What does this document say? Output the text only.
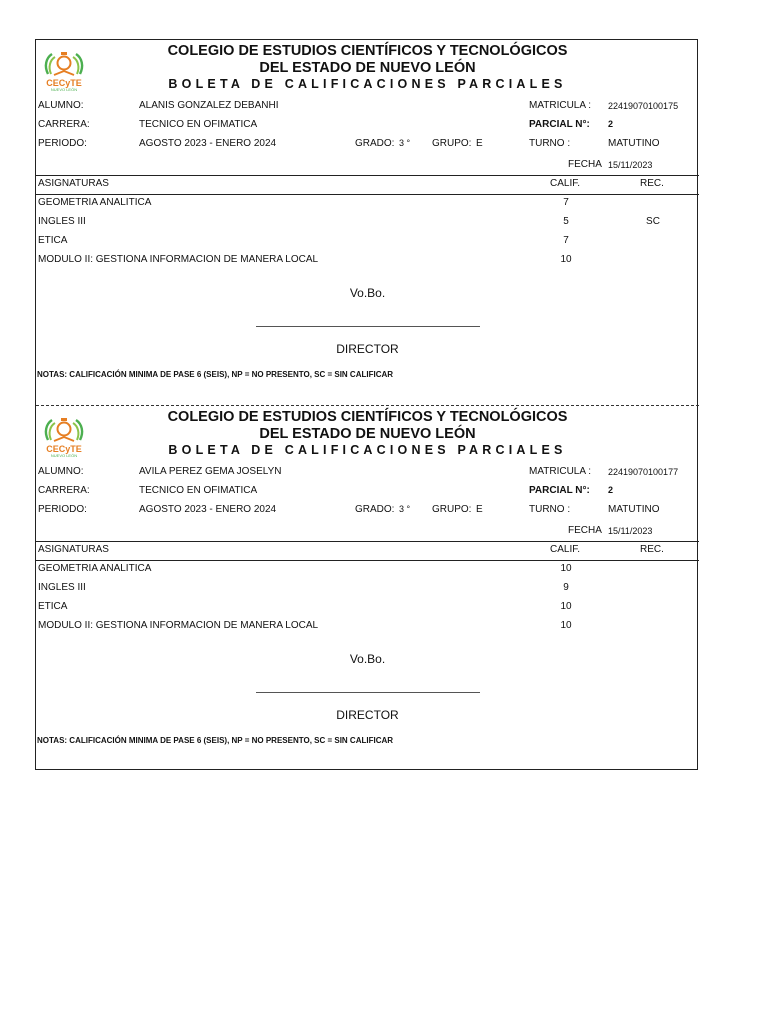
CECyTE
NUEVO LEÓN
COLEGIO DE ESTUDIOS CIENTÍFICOS Y TECNOLÓGICOS
DEL ESTADO DE NUEVO LEÓN
BOLETA DE CALIFICACIONES PARCIALES
ALUMNO:	ALANIS GONZALEZ DEBANHI	MATRICULA : 22419070100175
CARRERA:	TECNICO EN OFIMATICA	PARCIAL N°: 2
PERIODO:	AGOSTO 2023 - ENERO 2024	GRADO: 3 ° GRUPO: E	TURNO :	MATUTINO
FECHA 15/11/2023
ASIGNATURAS	CALIF.	REC.
GEOMETRIA ANALITICA	7
INGLES III	5	SC
ETICA	7
MODULO II: GESTIONA INFORMACION DE MANERA LOCAL	10
Vo.Bo.
DIRECTOR
NOTAS: CALIFICACIÓN MINIMA DE PASE 6 (SEIS), NP = NO PRESENTO, SC = SIN CALIFICAR
CECyTE
NUEVO LEÓN
COLEGIO DE ESTUDIOS CIENTÍFICOS Y TECNOLÓGICOS
DEL ESTADO DE NUEVO LEÓN
BOLETA DE CALIFICACIONES PARCIALES
ALUMNO:	AVILA PEREZ GEMA JOSELYN	MATRICULA : 22419070100177
CARRERA:	TECNICO EN OFIMATICA	PARCIAL N°: 2
PERIODO:	AGOSTO 2023 - ENERO 2024	GRADO: 3 ° GRUPO: E	TURNO :	MATUTINO
FECHA 15/11/2023
ASIGNATURAS	CALIF.	REC.
GEOMETRIA ANALITICA	10
INGLES III	9
ETICA	10
MODULO II: GESTIONA INFORMACION DE MANERA LOCAL	10
Vo.Bo.
DIRECTOR
NOTAS: CALIFICACIÓN MINIMA DE PASE 6 (SEIS), NP = NO PRESENTO, SC = SIN CALIFICAR
